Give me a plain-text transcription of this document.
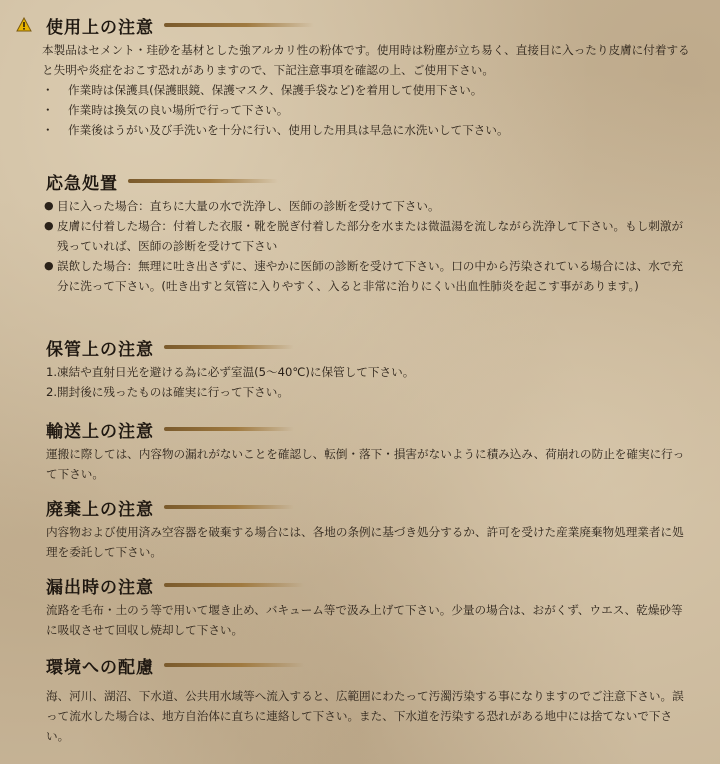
使用上の注意

本製品はセメント・珪砂を基材とした強アルカリ性の粉体です。使用時は粉塵が立ち易く、直接目に入ったり皮膚に付着すると失明や炎症をおこす恐れがありますので、下記注意事項を確認の上、ご使用下さい。

・	作業時は保護具(保護眼鏡、保護マスク、保護手袋など)を着用して使用下さい。
・	作業時は換気の良い場所で行って下さい。
・	作業後はうがい及び手洗いを十分に行い、使用した用具は早急に水洗いして下さい。
応急処置
● 目に入った場合：直ちに大量の水で洗浄し、医師の診断を受けて下さい。
● 皮膚に付着した場合：付着した衣服・靴を脱ぎ付着した部分を水または微温湯を流しながら洗浄して下さい。もし刺激が残っていれば、医師の診断を受けて下さい
● 誤飲した場合：無理に吐き出さずに、速やかに医師の診断を受けて下さい。口の中から汚染されている場合には、水で充分に洗って下さい。(吐き出すと気管に入りやすく、入ると非常に治りにくい出血性肺炎を起こす事があります。)
保管上の注意
1.凍結や直射日光を避ける為に必ず室温(5〜40℃)に保管して下さい。
2.開封後に残ったものは確実に行って下さい。
輸送上の注意

運搬に際しては、内容物の漏れがないことを確認し、転倒・落下・損害がないように積み込み、荷崩れの防止を確実に行って下さい。

廃棄上の注意

内容物および使用済み空容器を破棄する場合には、各地の条例に基づき処分するか、許可を受けた産業廃棄物処理業者に処理を委託して下さい。

漏出時の注意

流路を毛布・土のう等で用いて堰き止め、バキューム等で汲み上げて下さい。少量の場合は、おがくず、ウエス、乾燥砂等に吸収させて回収し焼却して下さい。

環境への配慮

海、河川、湖沼、下水道、公共用水域等へ流入すると、広範囲にわたって汚濁汚染する事になりますのでご注意下さい。誤って流水した場合は、地方自治体に直ちに連絡して下さい。また、下水道を汚染する恐れがある地中には捨てないで下さい。
